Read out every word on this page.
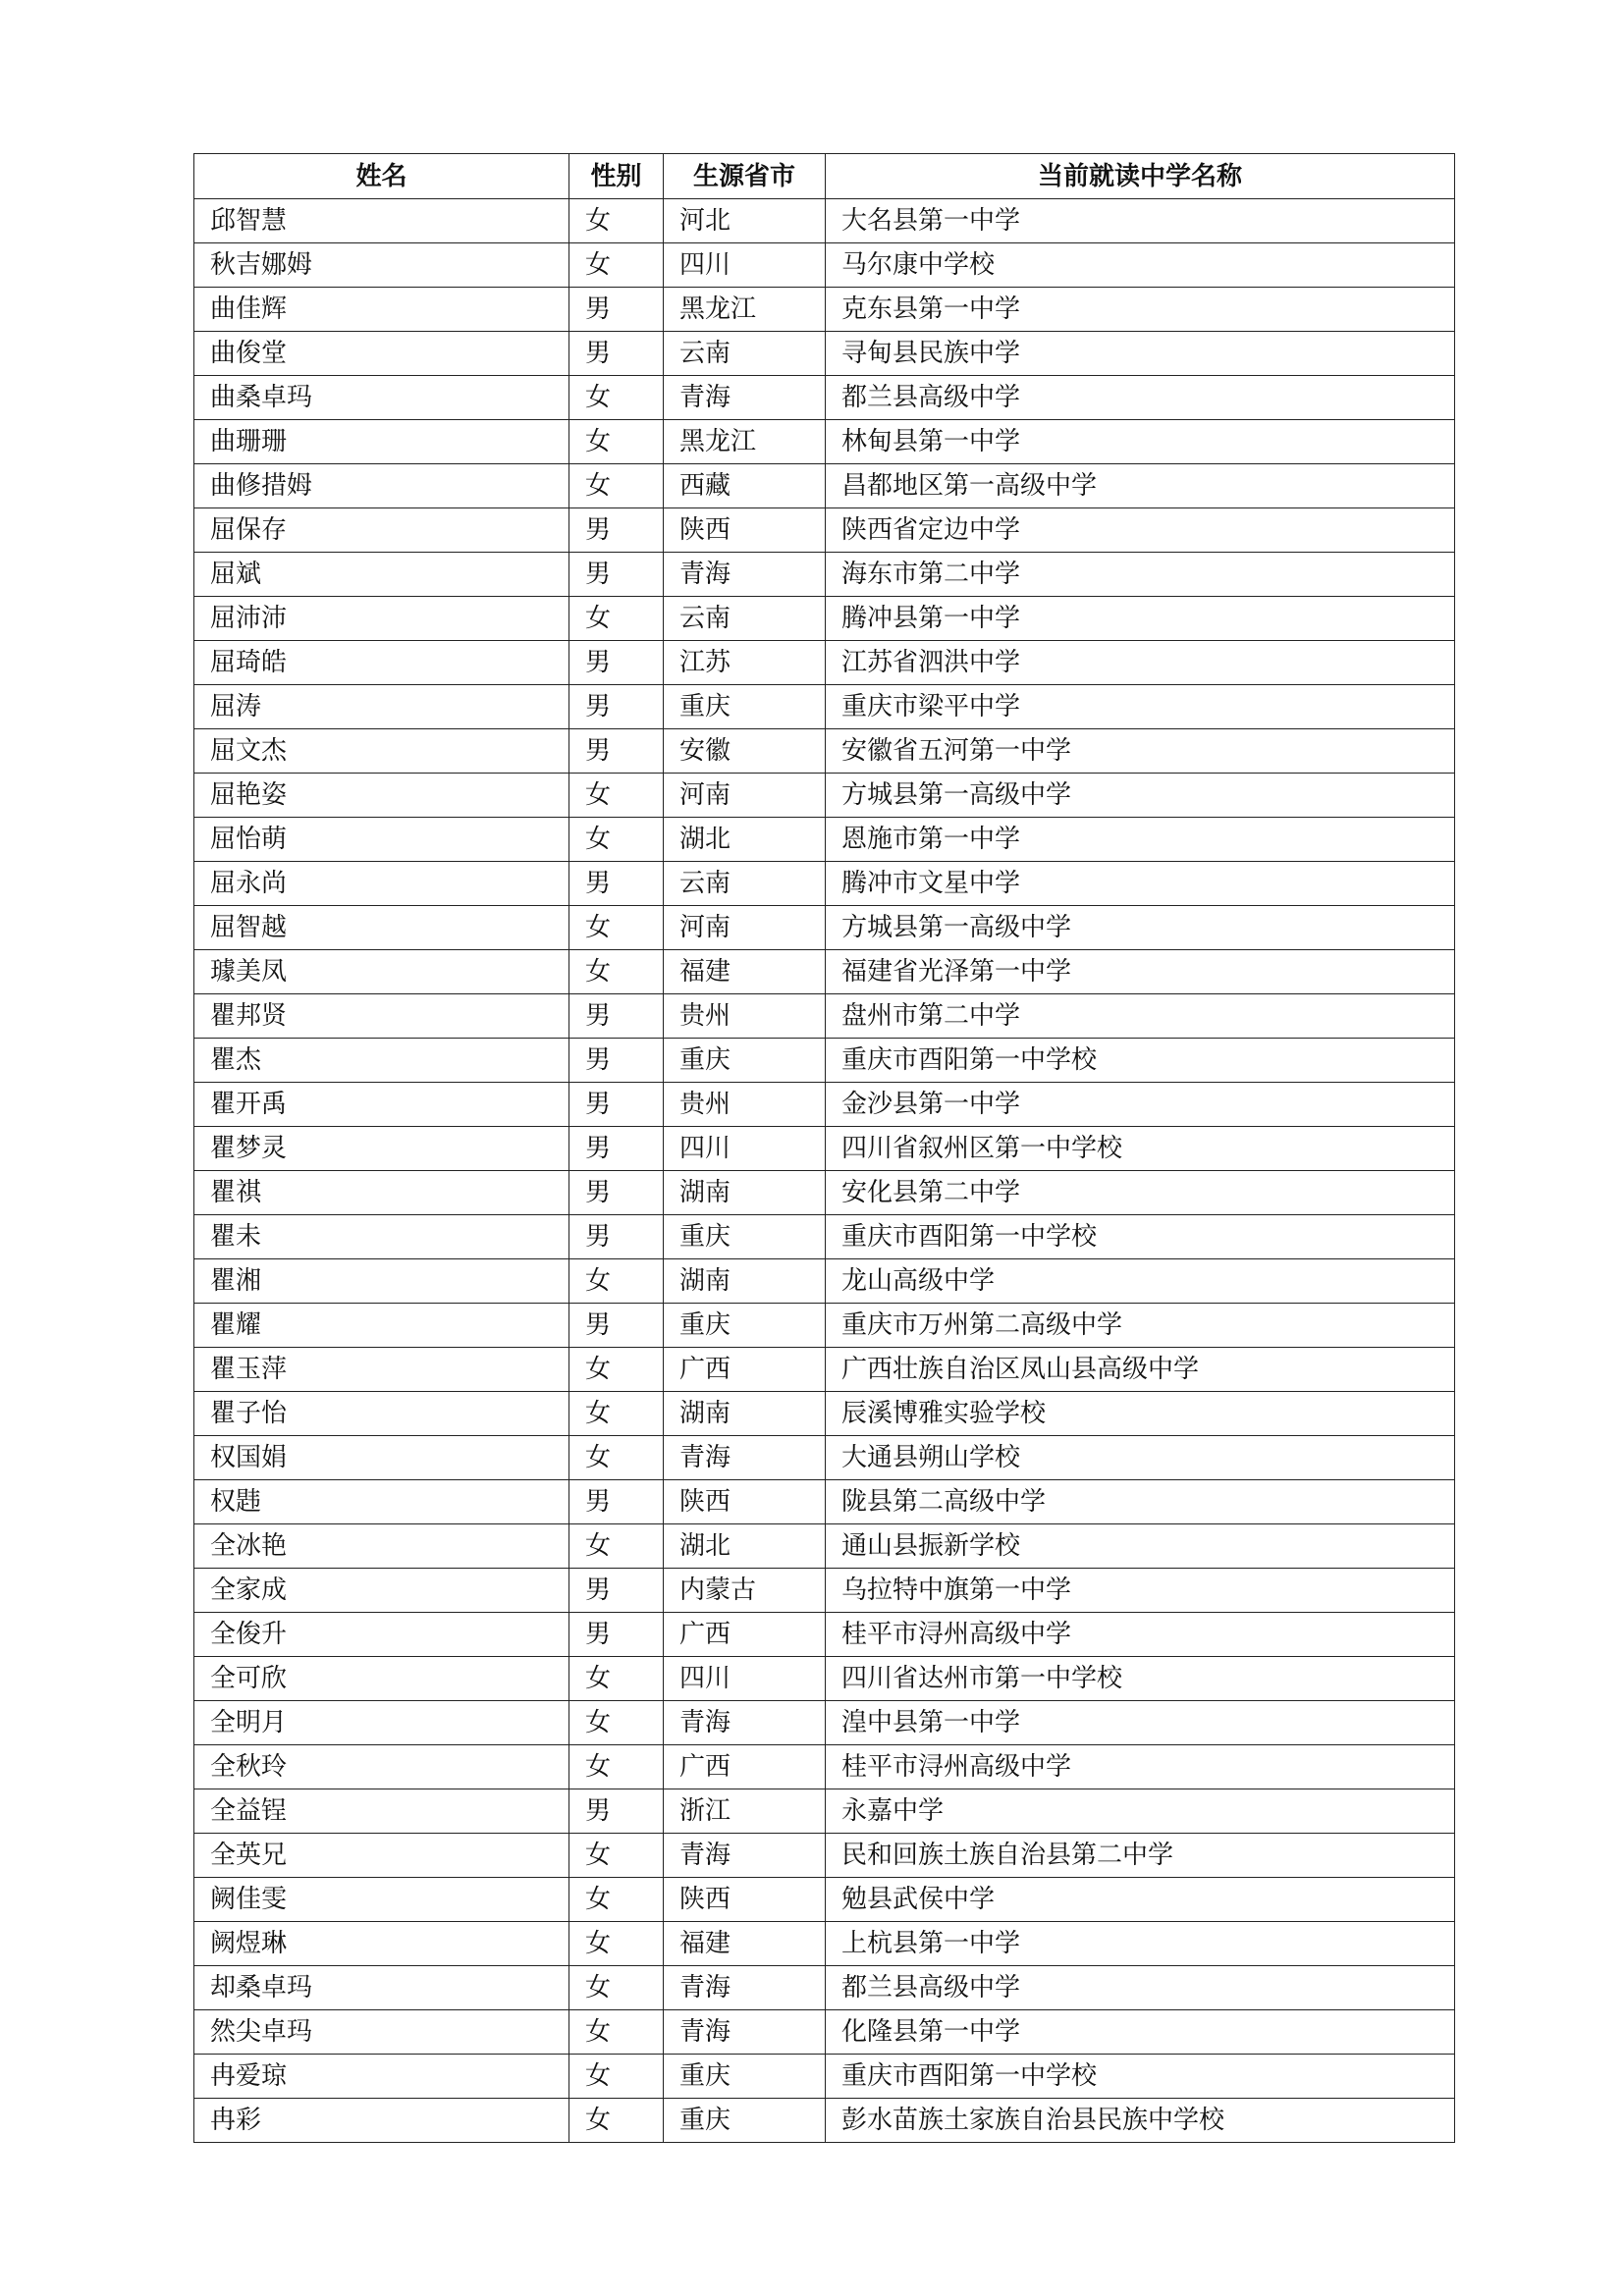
姓名	性别	生源省市	当前就读中学名称
邱智慧	女	河北	大名县第一中学
秋吉娜姆	女	四川	马尔康中学校
曲佳辉	男	黑龙江	克东县第一中学
曲俊堂	男	云南	寻甸县民族中学
曲桑卓玛	女	青海	都兰县高级中学
曲珊珊	女	黑龙江	林甸县第一中学
曲修措姆	女	西藏	昌都地区第一高级中学
屈保存	男	陕西	陕西省定边中学
屈斌	男	青海	海东市第二中学
屈沛沛	女	云南	腾冲县第一中学
屈琦皓	男	江苏	江苏省泗洪中学
屈涛	男	重庆	重庆市梁平中学
屈文杰	男	安徽	安徽省五河第一中学
屈艳姿	女	河南	方城县第一高级中学
屈怡萌	女	湖北	恩施市第一中学
屈永尚	男	云南	腾冲市文星中学
屈智越	女	河南	方城县第一高级中学
璩美凤	女	福建	福建省光泽第一中学
瞿邦贤	男	贵州	盘州市第二中学
瞿杰	男	重庆	重庆市酉阳第一中学校
瞿开禹	男	贵州	金沙县第一中学
瞿梦灵	男	四川	四川省叙州区第一中学校
瞿祺	男	湖南	安化县第二中学
瞿未	男	重庆	重庆市酉阳第一中学校
瞿湘	女	湖南	龙山高级中学
瞿耀	男	重庆	重庆市万州第二高级中学
瞿玉萍	女	广西	广西壮族自治区凤山县高级中学
瞿子怡	女	湖南	辰溪博雅实验学校
权国娟	女	青海	大通县朔山学校
权韪	男	陕西	陇县第二高级中学
全冰艳	女	湖北	通山县振新学校
全家成	男	内蒙古	乌拉特中旗第一中学
全俊升	男	广西	桂平市浔州高级中学
全可欣	女	四川	四川省达州市第一中学校
全明月	女	青海	湟中县第一中学
全秋玲	女	广西	桂平市浔州高级中学
全益锃	男	浙江	永嘉中学
全英兄	女	青海	民和回族土族自治县第二中学
阙佳雯	女	陕西	勉县武侯中学
阙煜琳	女	福建	上杭县第一中学
却桑卓玛	女	青海	都兰县高级中学
然尖卓玛	女	青海	化隆县第一中学
冉爱琼	女	重庆	重庆市酉阳第一中学校
冉彩	女	重庆	彭水苗族土家族自治县民族中学校
